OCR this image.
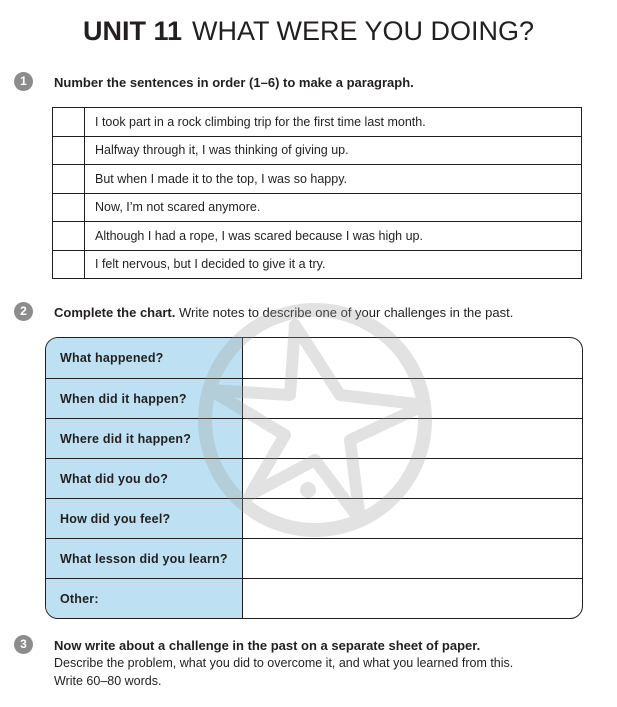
UNIT 11 WHAT WERE YOU DOING?
1	Number the sentences in order (1–6) to make a paragraph.
	I took part in a rock climbing trip for the first time last month.
	Halfway through it, I was thinking of giving up.
	But when I made it to the top, I was so happy.
	Now, I’m not scared anymore.
	Although I had a rope, I was scared because I was high up.
	I felt nervous, but I decided to give it a try.
2	Complete the chart. Write notes to describe one of your challenges in the past.
What happened?
When did it happen?
Where did it happen?
What did you do?
How did you feel?
What lesson did you learn?
Other:
3	Now write about a challenge in the past on a separate sheet of paper.
Describe the problem, what you did to overcome it, and what you learned from this.
Write 60–80 words.
